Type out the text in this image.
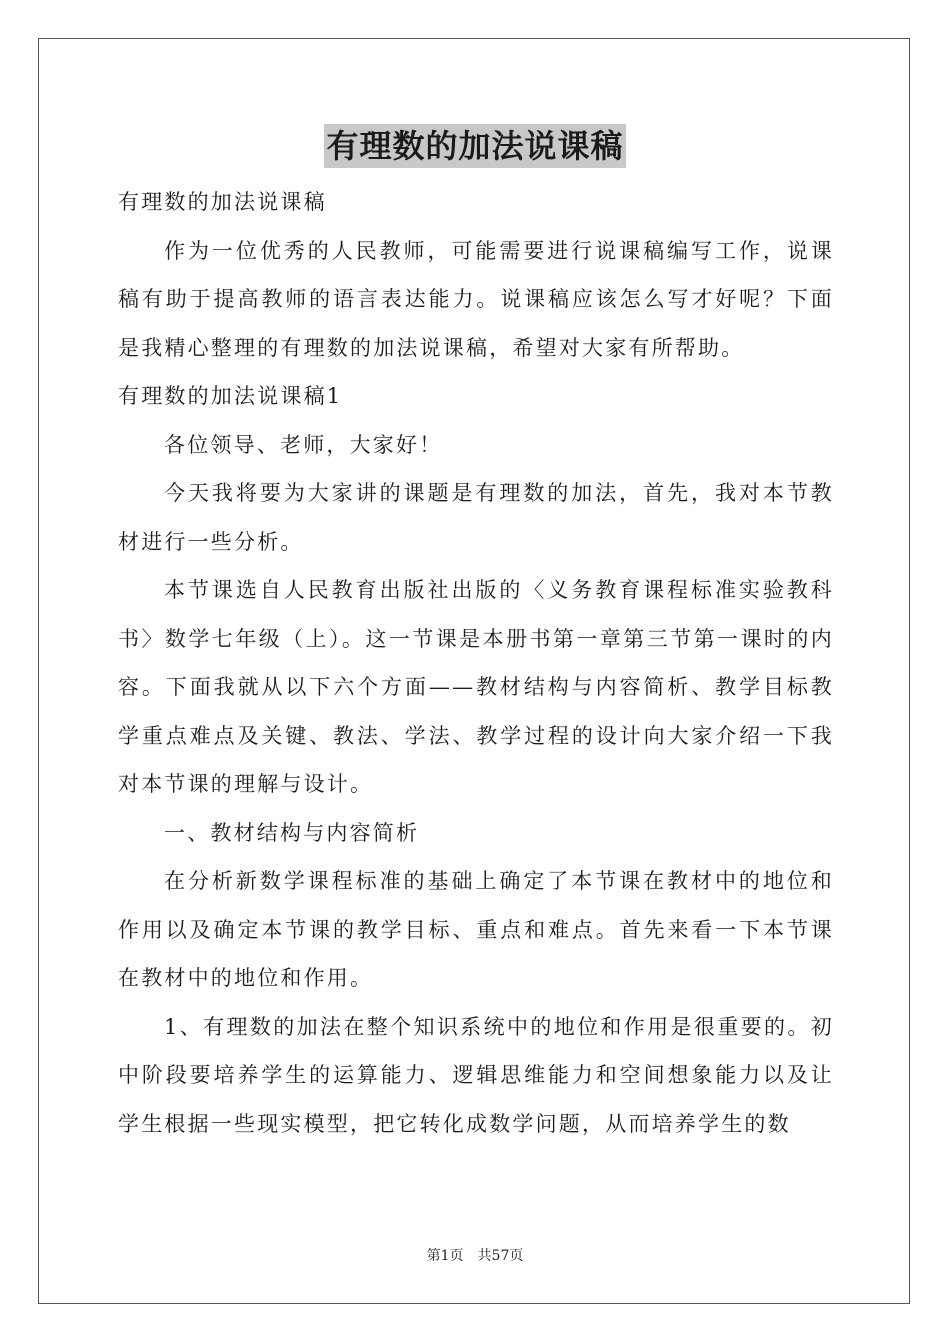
有理数的加法说课稿

有理数的加法说课稿

作为一位优秀的人民教师，可能需要进行说课稿编写工作，说课稿有助于提高教师的语言表达能力。说课稿应该怎么写才好呢？下面是我精心整理的有理数的加法说课稿，希望对大家有所帮助。

有理数的加法说课稿1

各位领导、老师，大家好！

今天我将要为大家讲的课题是有理数的加法，首先，我对本节教材进行一些分析。

本节课选自人民教育出版社出版的〈义务教育课程标准实验教科书〉数学七年级（上）。这一节课是本册书第一章第三节第一课时的内容。下面我就从以下六个方面——教材结构与内容简析、教学目标教学重点难点及关键、教法、学法、教学过程的设计向大家介绍一下我对本节课的理解与设计。

一、教材结构与内容简析

在分析新数学课程标准的基础上确定了本节课在教材中的地位和作用以及确定本节课的教学目标、重点和难点。首先来看一下本节课在教材中的地位和作用。

1、有理数的加法在整个知识系统中的地位和作用是很重要的。初中阶段要培养学生的运算能力、逻辑思维能力和空间想象能力以及让学生根据一些现实模型，把它转化成数学问题，从而培养学生的数

第1页　共57页
